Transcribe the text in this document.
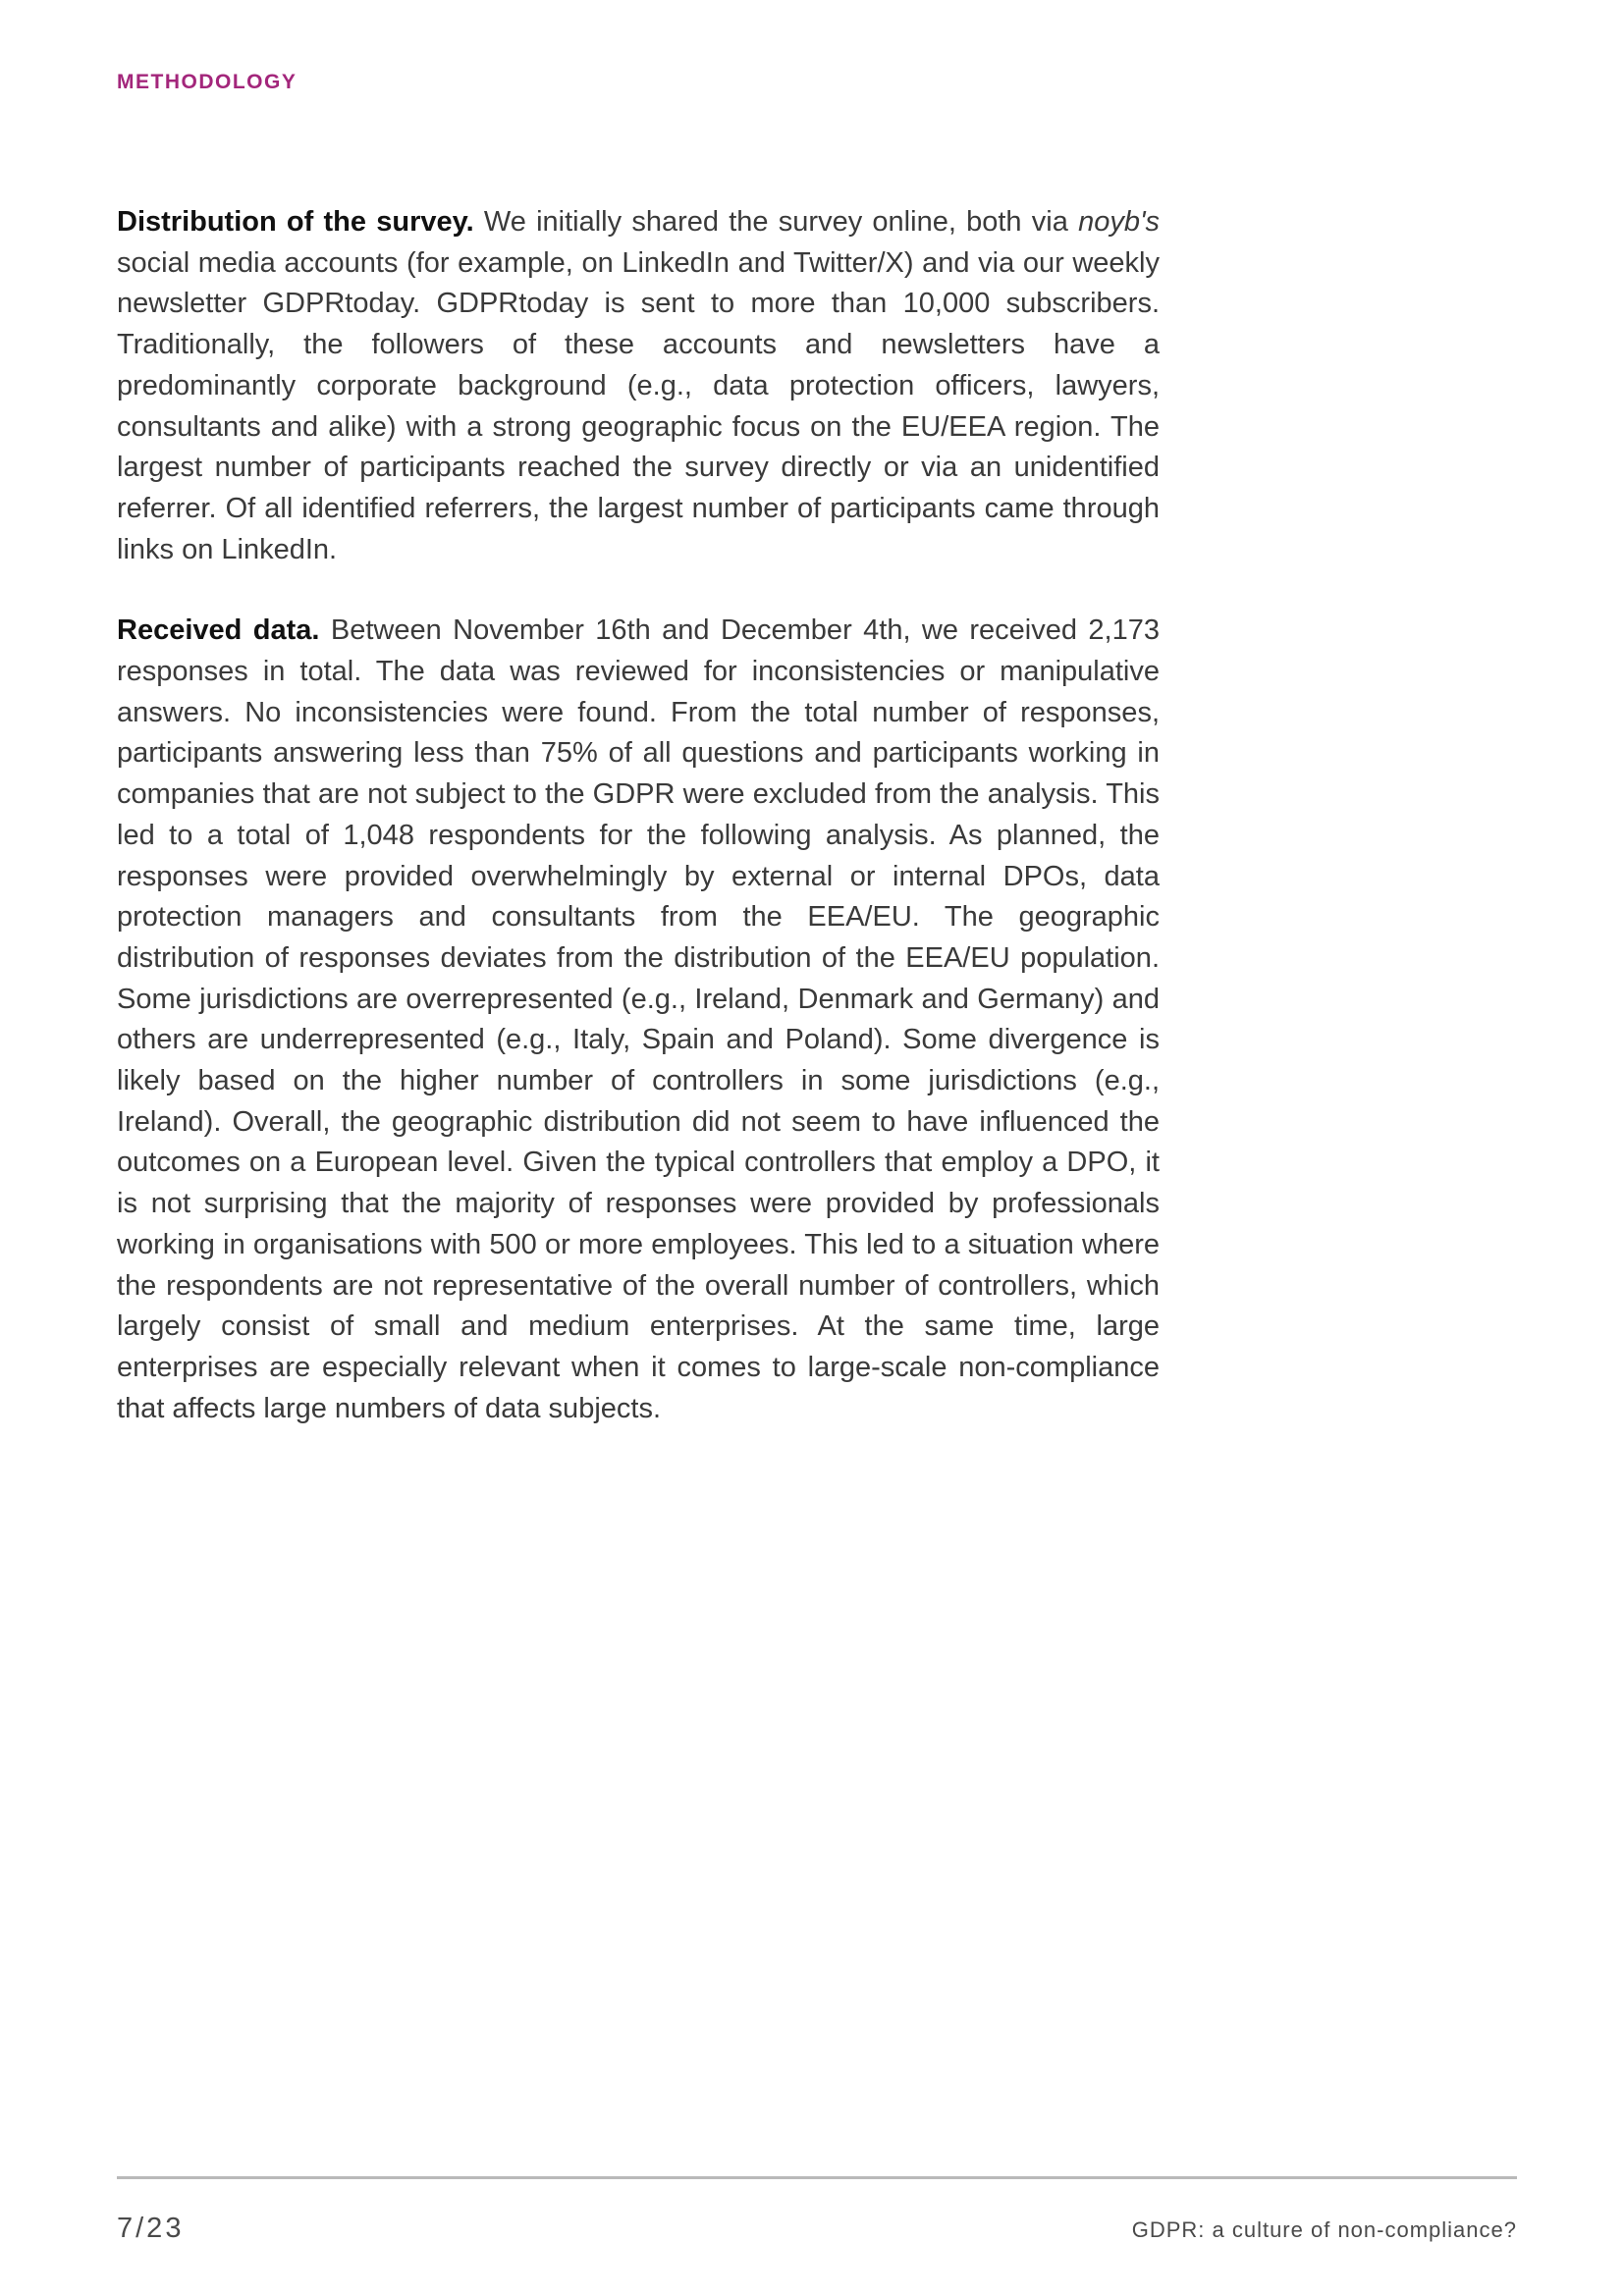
METHODOLOGY

Distribution of the survey. We initially shared the survey online, both via noyb's social media accounts (for example, on LinkedIn and Twitter/X) and via our weekly newsletter GDPRtoday. GDPRtoday is sent to more than 10,000 subscribers. Traditionally, the followers of these accounts and newsletters have a predominantly corporate background (e.g., data protection officers, lawyers, consultants and alike) with a strong geographic focus on the EU/EEA region. The largest number of participants reached the survey directly or via an unidentified referrer. Of all identified referrers, the largest number of participants came through links on LinkedIn.

Received data. Between November 16th and December 4th, we received 2,173 responses in total. The data was reviewed for inconsistencies or manipulative answers. No inconsistencies were found. From the total number of responses, participants answering less than 75% of all questions and participants working in companies that are not subject to the GDPR were excluded from the analysis. This led to a total of 1,048 respondents for the following analysis. As planned, the responses were provided overwhelmingly by external or internal DPOs, data protection managers and consultants from the EEA/EU. The geographic distribution of responses deviates from the distribution of the EEA/EU population. Some jurisdictions are overrepresented (e.g., Ireland, Denmark and Germany) and others are underrepresented (e.g., Italy, Spain and Poland). Some divergence is likely based on the higher number of controllers in some jurisdictions (e.g., Ireland). Overall, the geographic distribution did not seem to have influenced the outcomes on a European level. Given the typical controllers that employ a DPO, it is not surprising that the majority of responses were provided by professionals working in organisations with 500 or more employees. This led to a situation where the respondents are not representative of the overall number of controllers, which largely consist of small and medium enterprises. At the same time, large enterprises are especially relevant when it comes to large-scale non-compliance that affects large numbers of data subjects.

7/23	GDPR: a culture of non-compliance?
